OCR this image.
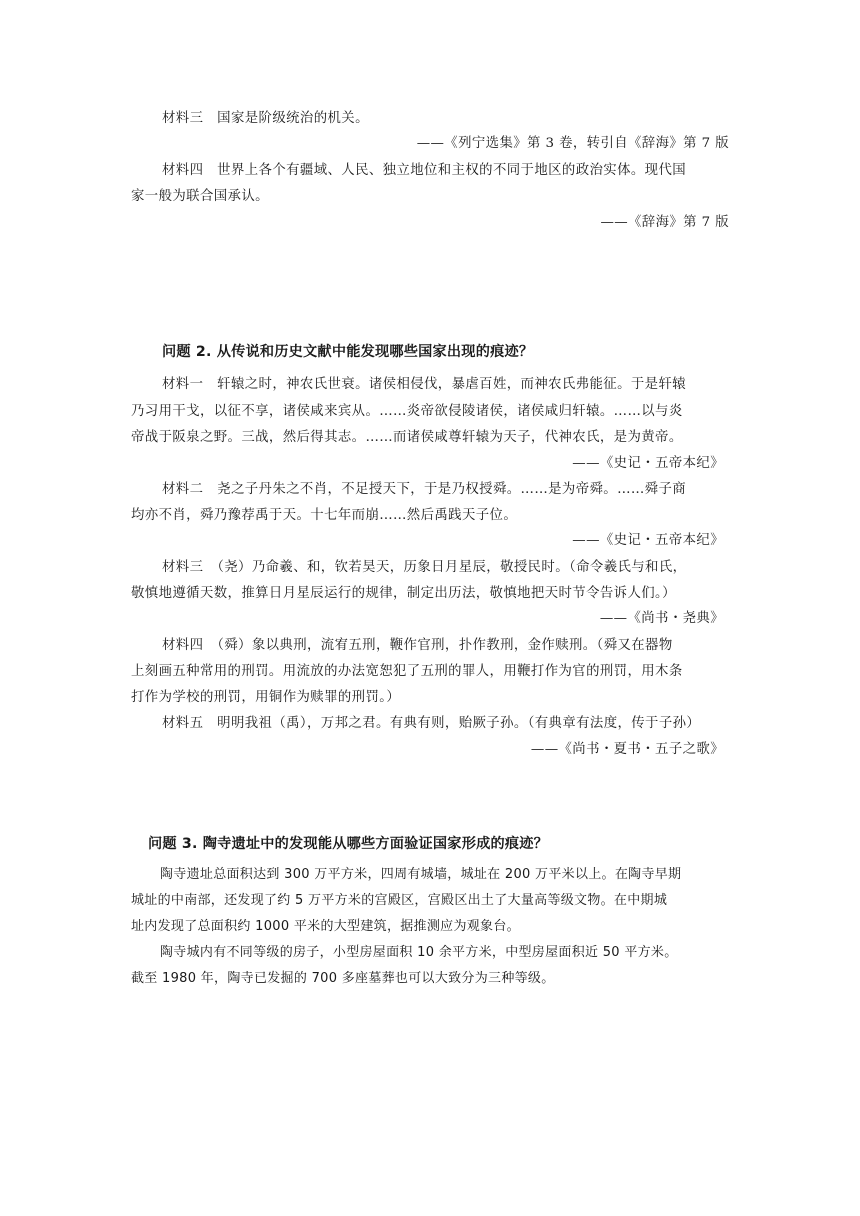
材料三　国家是阶级统治的机关。
——《列宁选集》第 3 卷，转引自《辞海》第 7 版
材料四　世界上各个有疆域、人民、独立地位和主权的不同于地区的政治实体。现代国
家一般为联合国承认。
——《辞海》第 7 版
问题 2. 从传说和历史文献中能发现哪些国家出现的痕迹？
材料一　轩辕之时，神农氏世衰。诸侯相侵伐，暴虐百姓，而神农氏弗能征。于是轩辕
乃习用干戈，以征不享，诸侯咸来宾从。……炎帝欲侵陵诸侯，诸侯咸归轩辕。……以与炎
帝战于阪泉之野。三战，然后得其志。……而诸侯咸尊轩辕为天子，代神农氏，是为黄帝。
——《史记・五帝本纪》
材料二　尧之子丹朱之不肖，不足授天下，于是乃权授舜。……是为帝舜。……舜子商
均亦不肖，舜乃豫荐禹于天。十七年而崩……然后禹践天子位。
——《史记・五帝本纪》
材料三　（尧）乃命羲、和，钦若昊天，历象日月星辰，敬授民时。（命令羲氏与和氏，
敬慎地遵循天数，推算日月星辰运行的规律，制定出历法，敬慎地把天时节令告诉人们。）
——《尚书・尧典》
材料四　（舜）象以典刑，流宥五刑，鞭作官刑，扑作教刑，金作赎刑。（舜又在器物
上刻画五种常用的刑罚。用流放的办法宽恕犯了五刑的罪人，用鞭打作为官的刑罚，用木条
打作为学校的刑罚，用铜作为赎罪的刑罚。）
材料五　明明我祖（禹），万邦之君。有典有则，贻厥子孙。（有典章有法度，传于子孙）
——《尚书・夏书・五子之歌》
问题 3. 陶寺遗址中的发现能从哪些方面验证国家形成的痕迹？
陶寺遗址总面积达到 300 万平方米，四周有城墙，城址在 200 万平米以上。在陶寺早期
城址的中南部，还发现了约 5 万平方米的宫殿区，宫殿区出土了大量高等级文物。在中期城
址内发现了总面积约 1000 平米的大型建筑，据推测应为观象台。
陶寺城内有不同等级的房子，小型房屋面积 10 余平方米，中型房屋面积近 50 平方米。
截至 1980 年，陶寺已发掘的 700 多座墓葬也可以大致分为三种等级。
